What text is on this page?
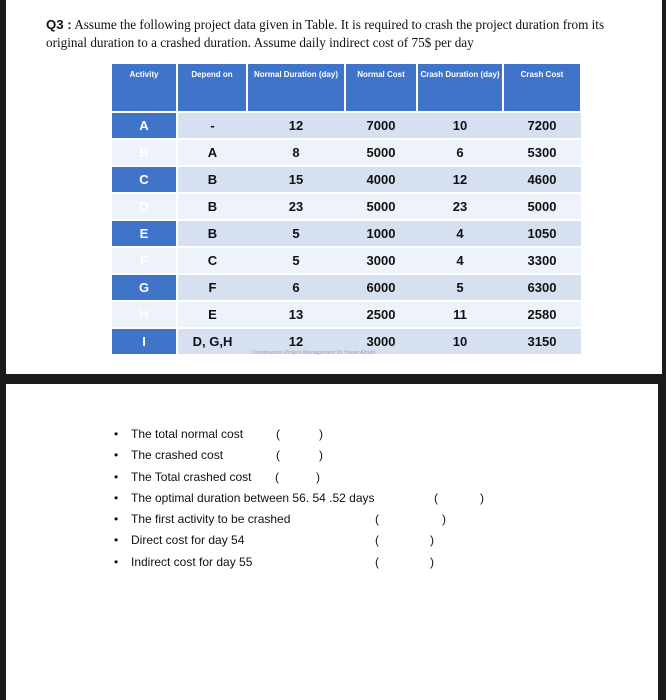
Q3 : Assume the following project data given in Table. It is required to crash the project duration from its original duration to a crashed duration. Assume daily indirect cost of 75$ per day
Activity	Depend on	Normal Duration (day)	Normal Cost	Crash Duration (day)	Crash Cost
A	-	12	7000	10	7200
B	A	8	5000	6	5300
C	B	15	4000	12	4600
D	B	23	5000	23	5000
E	B	5	1000	4	1050
F	C	5	3000	4	3300
G	F	6	6000	5	6300
H	E	13	2500	11	2580
I	D, G,H	12	3000	10	3150
Construction Project Management Dr.Yazan Alzubi
• The total normal cost	(	)
• The crashed cost	(	)
• The Total crashed cost (	)
• The optimal duration between 56. 54 .52 days	(	)
• The first activity to be crashed	(	)
• Direct cost for day 54	(	)
• Indirect cost for day 55	(	)
